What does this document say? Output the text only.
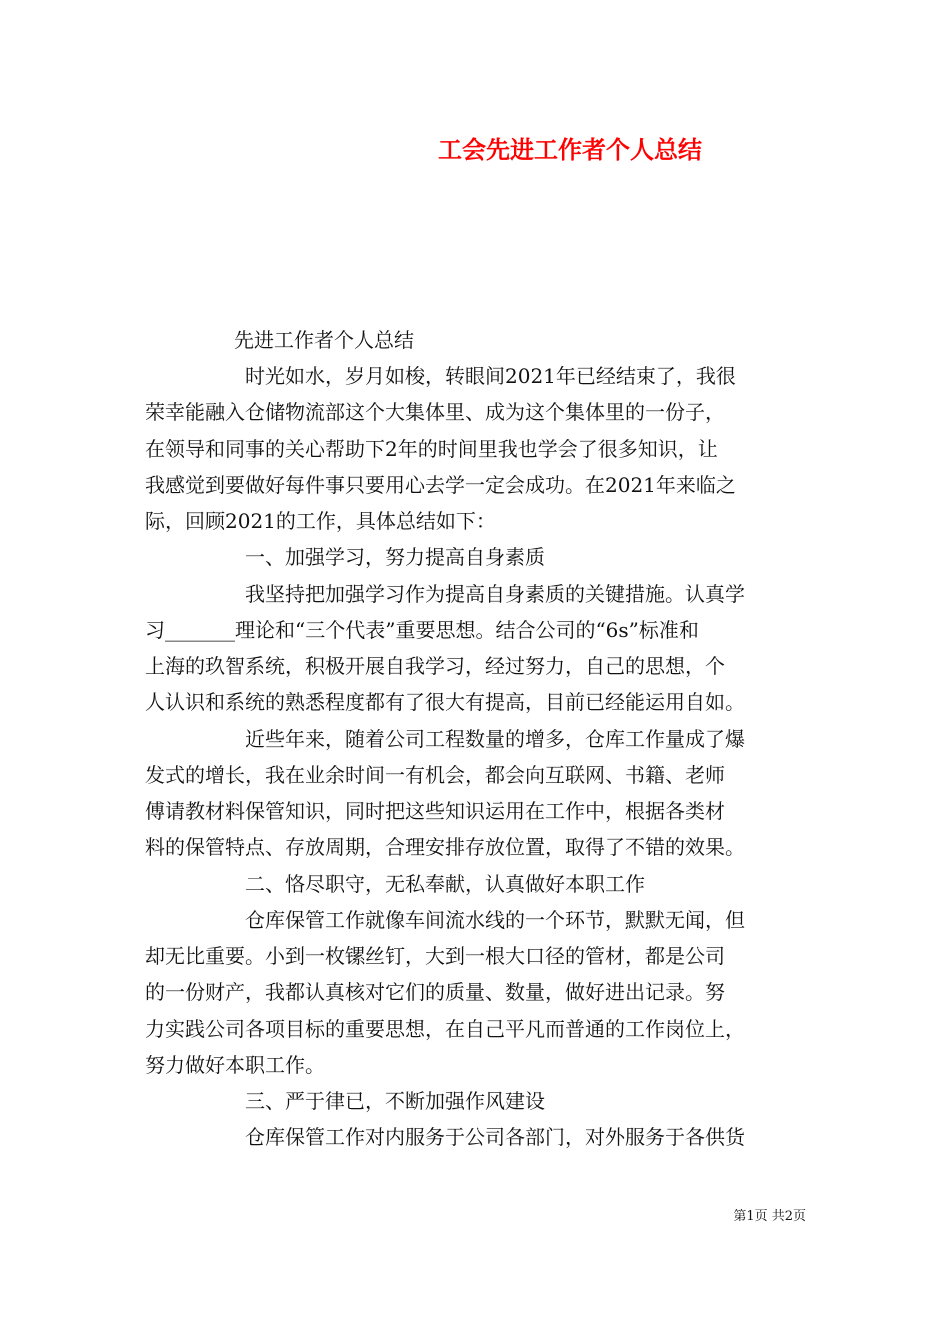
工会先进工作者个人总结
先进工作者个人总结
时光如水，岁月如梭，转眼间2021年已经结束了，我很
荣幸能融入仓储物流部这个大集体里、成为这个集体里的一份子，
在领导和同事的关心帮助下2年的时间里我也学会了很多知识，让
我感觉到要做好每件事只要用心去学一定会成功。在2021年来临之
际，回顾2021的工作，具体总结如下：
一、加强学习，努力提高自身素质
我坚持把加强学习作为提高自身素质的关键措施。认真学
习_______理论和“三个代表”重要思想。结合公司的“6s”标准和
上海的玖智系统，积极开展自我学习，经过努力，自己的思想，个
人认识和系统的熟悉程度都有了很大有提高，目前已经能运用自如。
近些年来，随着公司工程数量的增多，仓库工作量成了爆
发式的增长，我在业余时间一有机会，都会向互联网、书籍、老师
傅请教材料保管知识，同时把这些知识运用在工作中，根据各类材
料的保管特点、存放周期，合理安排存放位置，取得了不错的效果。
二、恪尽职守，无私奉献，认真做好本职工作
仓库保管工作就像车间流水线的一个环节，默默无闻，但
却无比重要。小到一枚镙丝钉，大到一根大口径的管材，都是公司
的一份财产，我都认真核对它们的质量、数量，做好进出记录。努
力实践公司各项目标的重要思想，在自己平凡而普通的工作岗位上，
努力做好本职工作。
三、严于律已，不断加强作风建设
仓库保管工作对内服务于公司各部门，对外服务于各供货
第1页 共2页
